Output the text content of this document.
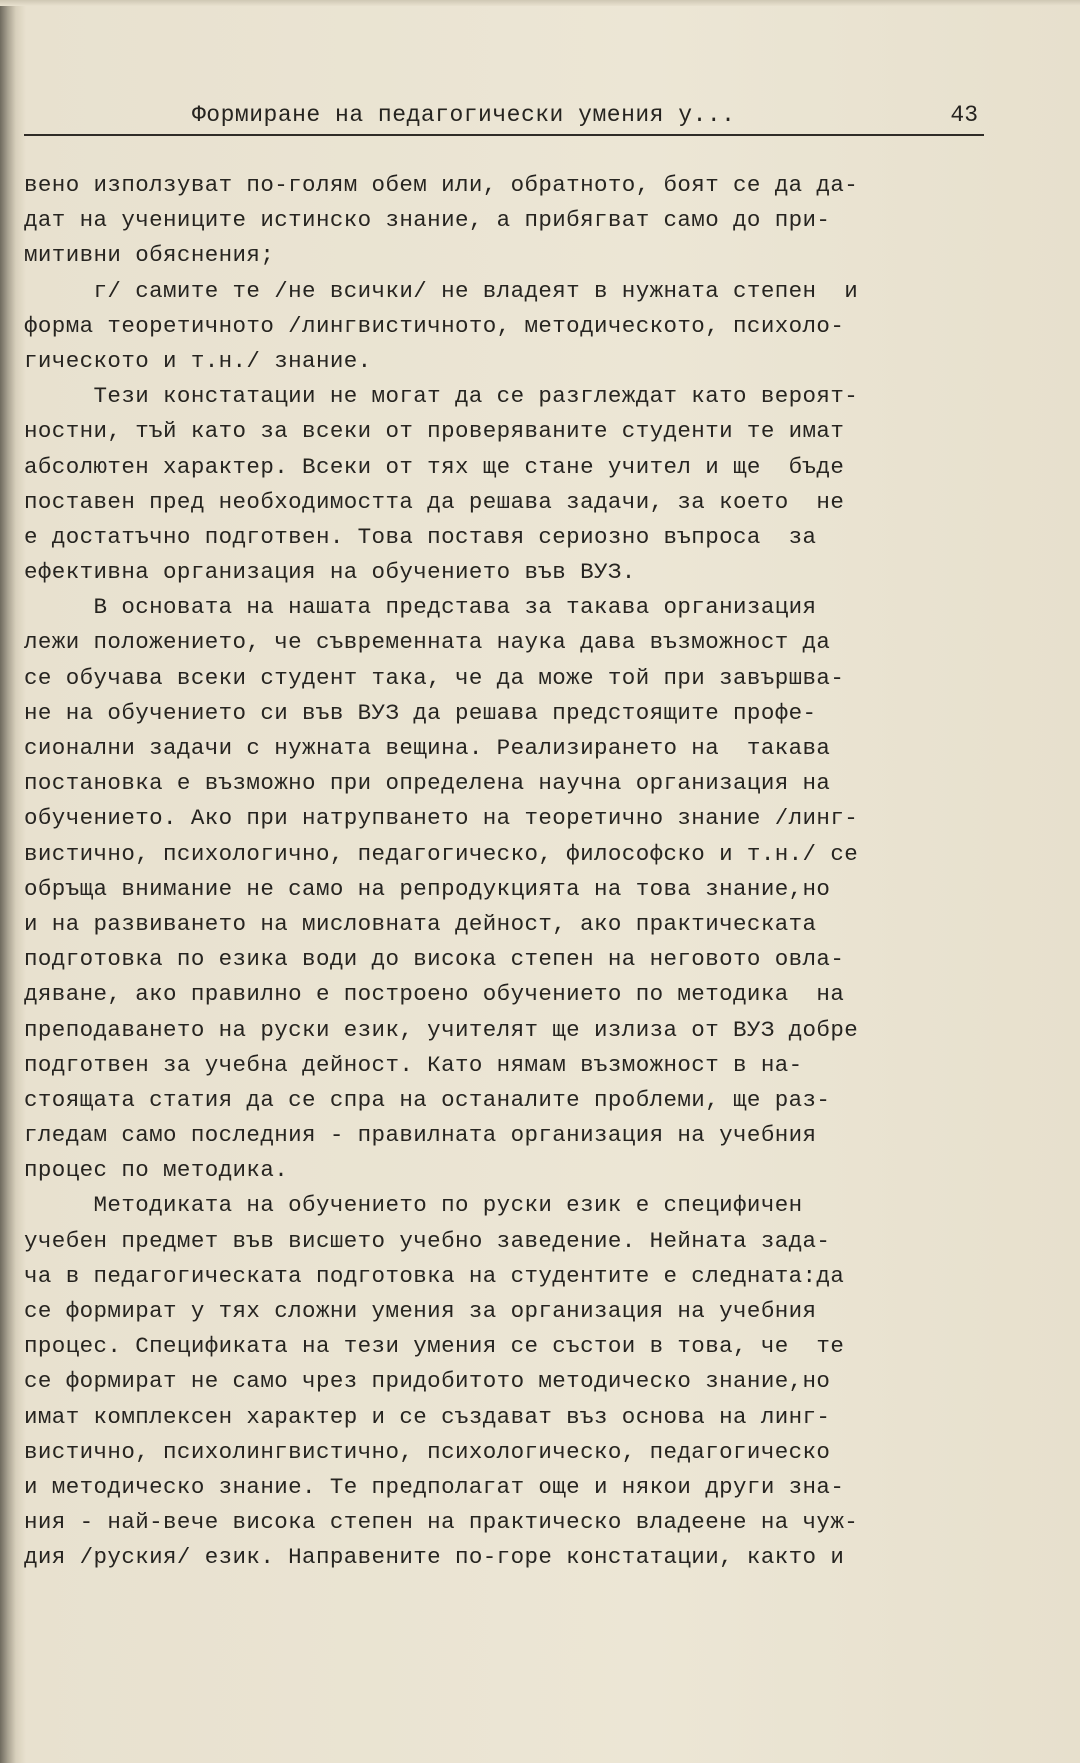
Формиране на педагогически умения у...	43
вено използуват по-голям обем или, обратното, боят се да да-
дат на учениците истинско знание, а прибягват само до при-
митивни обяснения;
г/ самите те /не всички/ не владеят в нужната степен  и
форма теоретичното /лингвистичното, методическото, психоло-
гическото и т.н./ знание.
Тези констатации не могат да се разглеждат като вероят-
ностни, тъй като за всеки от проверяваните студенти те имат
абсолютен характер. Всеки от тях ще стане учител и ще  бъде
поставен пред необходимостта да решава задачи, за което  не
е достатъчно подготвен. Това поставя сериозно въпроса  за
ефективна организация на обучението във ВУЗ.
В основата на нашата представа за такава организация
лежи положението, че съвременната наука дава възможност да
се обучава всеки студент така, че да може той при завършва-
не на обучението си във ВУЗ да решава предстоящите профе-
сионални задачи с нужната вещина. Реализирането на  такава
постановка е възможно при определена научна организация на
обучението. Ако при натрупването на теоретично знание /линг-
вистично, психологично, педагогическо, философско и т.н./ се
обръща внимание не само на репродукцията на това знание,но
и на развиването на мисловната дейност, ако практическата
подготовка по езика води до висока степен на неговото овла-
дяване, ако правилно е построено обучението по методика  на
преподаването на руски език, учителят ще излиза от ВУЗ добре
подготвен за учебна дейност. Като нямам възможност в на-
стоящата статия да се спра на останалите проблеми, ще раз-
гледам само последния - правилната организация на учебния
процес по методика.
Методиката на обучението по руски език е специфичен
учебен предмет във висшето учебно заведение. Нейната зада-
ча в педагогическата подготовка на студентите е следната:да
се формират у тях сложни умения за организация на учебния
процес. Спецификата на тези умения се състои в това, че  те
се формират не само чрез придобитото методическо знание,но
имат комплексен характер и се създават въз основа на линг-
вистично, психолингвистично, психологическо, педагогическо
и методическо знание. Те предполагат още и някои други зна-
ния - най-вече висока степен на практическо владеене на чуж-
дия /руския/ език. Направените по-горе констатации, както и
